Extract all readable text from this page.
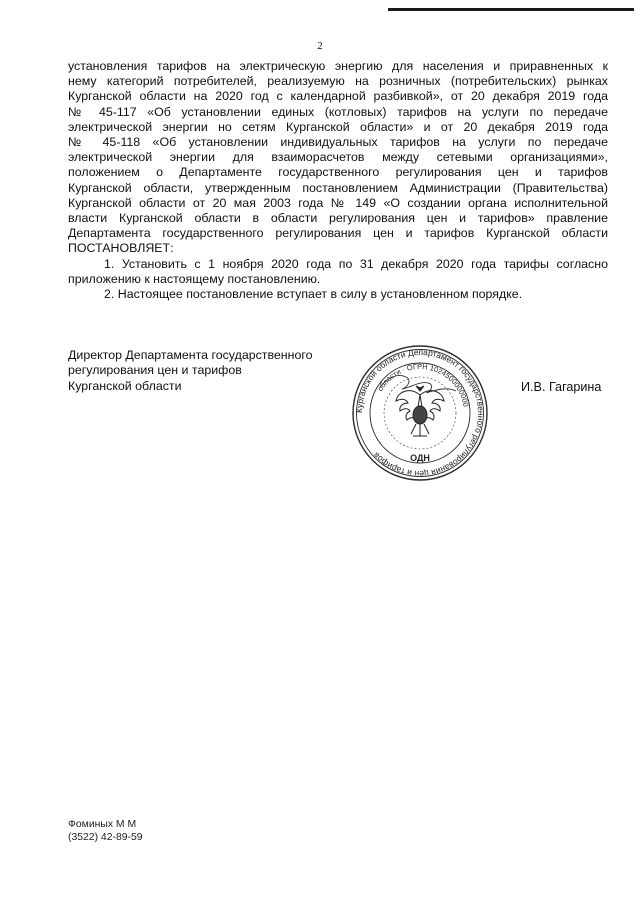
2
установления тарифов на электрическую энергию для населения и приравненных к
нему категорий потребителей, реализуемую на розничных (потребительских) рынках
Курганской области на 2020 год с календарной разбивкой», от 20 декабря 2019 года
№ 45-117 «Об установлении единых (котловых) тарифов на услуги по передаче
электрической энергии но сетям Курганской области» и от 20 декабря 2019 года
№ 45-118 «Об установлении индивидуальных тарифов на услуги по передаче
электрической энергии для взаиморасчетов между сетевыми организациями»,
положением о Департаменте государственного регулирования цен и тарифов
Курганской области, утвержденным постановлением Администрации (Правительства)
Курганской области от 20 мая 2003 года № 149 «О создании органа исполнительной
власти Курганской области в области регулирования цен и тарифов» правление
Департамента государственного регулирования цен и тарифов Курганской области
ПОСТАНОВЛЯЕТ:
1. Установить с 1 ноября 2020 года по 31 декабря 2020 года тарифы согласно
приложению к настоящему постановлению.
2. Настоящее постановление вступает в силу в установленном порядке.
Директор Департамента государственного
регулирования цен и тарифов
Курганской области
Курганской области Департамент государственного регулирования цен и тарифов
области · ОГРН 1024500000000
ОДН
И.В. Гагарина
Фоминых М М
(3522) 42-89-59
